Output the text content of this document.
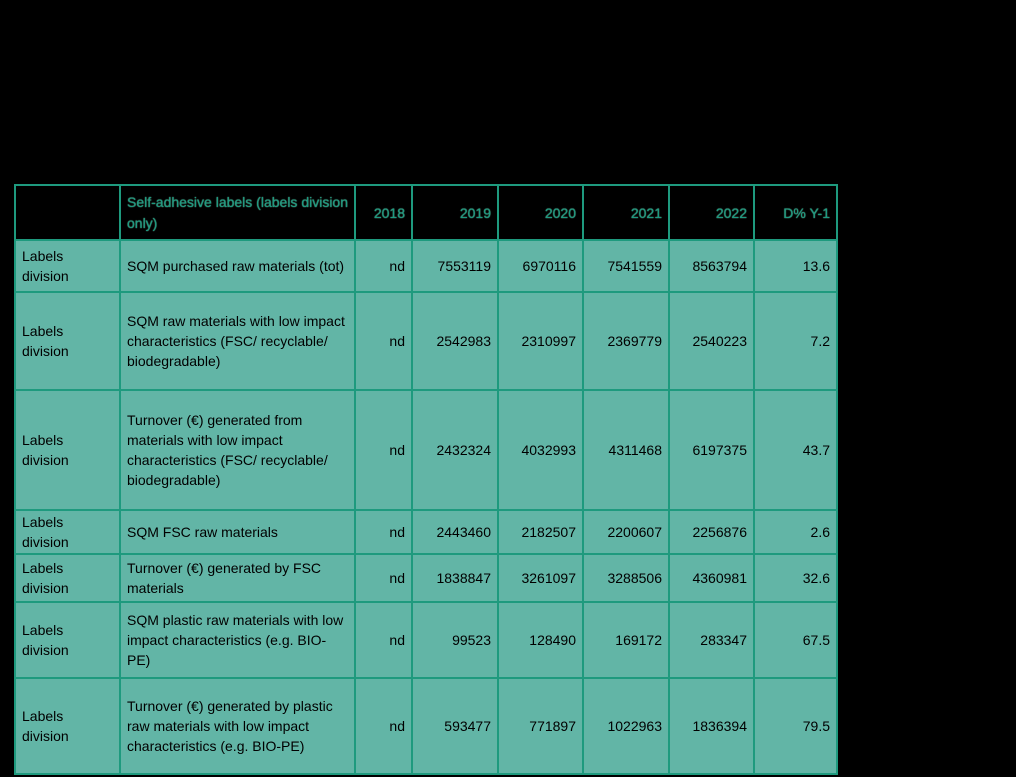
	Self-adhesive labels (labels division only)	2018	2019	2020	2021	2022	D% Y-1
Labels division	SQM purchased raw materials (tot)	nd	7553119	6970116	7541559	8563794	13.6
Labels division	SQM raw materials with low impact characteristics (FSC/ recyclable/ biodegradable)	nd	2542983	2310997	2369779	2540223	7.2
Labels division	Turnover (€) generated from materials with low impact characteristics (FSC/ recyclable/ biodegradable)	nd	2432324	4032993	4311468	6197375	43.7
Labels division	SQM FSC raw materials	nd	2443460	2182507	2200607	2256876	2.6
Labels division	Turnover (€) generated by FSC materials	nd	1838847	3261097	3288506	4360981	32.6
Labels division	SQM plastic raw materials with low impact characteristics (e.g. BIO-PE)	nd	99523	128490	169172	283347	67.5
Labels division	Turnover (€) generated by plastic raw materials with low impact characteristics (e.g. BIO-PE)	nd	593477	771897	1022963	1836394	79.5
